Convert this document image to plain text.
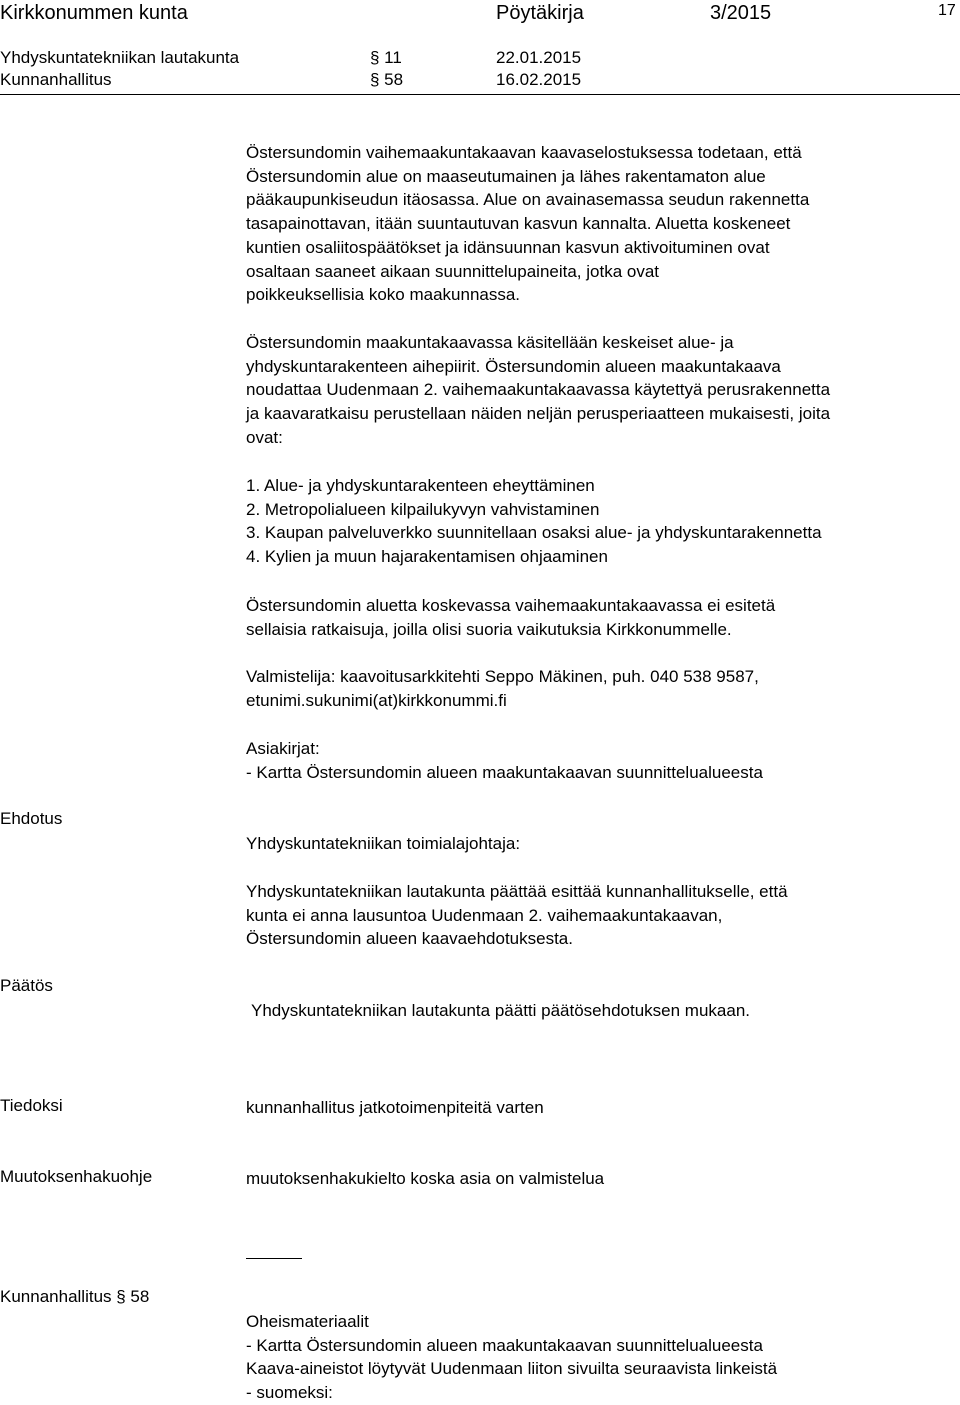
Kirkkonummen kunta	Pöytäkirja	3/2015	17
Yhdyskuntatekniikan lautakunta	§ 11	22.01.2015
Kunnanhallitus	§ 58	16.02.2015
Östersundomin vaihemaakuntakaavan kaavaselostuksessa todetaan, että
Östersundomin alue on maaseutumainen ja lähes rakentamaton alue
pääkaupunkiseudun itäosassa. Alue on avainasemassa seudun rakennetta
tasapainottavan, itään suuntautuvan kasvun kannalta. Aluetta koskeneet
kuntien osaliitospäätökset ja idänsuunnan kasvun aktivoituminen ovat
osaltaan saaneet aikaan suunnittelupaineita, jotka ovat
poikkeuksellisia koko maakunnassa.
Östersundomin maakuntakaavassa käsitellään keskeiset alue- ja
yhdyskuntarakenteen aihepiirit. Östersundomin alueen maakuntakaava
noudattaa Uudenmaan 2. vaihemaakuntakaavassa käytettyä perusrakennetta
ja kaavaratkaisu perustellaan näiden neljän perusperiaatteen mukaisesti, joita
ovat:
1. Alue- ja yhdyskuntarakenteen eheyttäminen
2. Metropolialueen kilpailukyvyn vahvistaminen
3. Kaupan palveluverkko suunnitellaan osaksi alue- ja yhdyskuntarakennetta
4. Kylien ja muun hajarakentamisen ohjaaminen
Östersundomin aluetta koskevassa vaihemaakuntakaavassa ei esitetä
sellaisia ratkaisuja, joilla olisi suoria vaikutuksia Kirkkonummelle.
Valmistelija: kaavoitusarkkitehti Seppo Mäkinen, puh. 040 538 9587,
etunimi.sukunimi(at)kirkkonummi.fi
Asiakirjat:
- Kartta Östersundomin alueen maakuntakaavan suunnittelualueesta
Ehdotus
Yhdyskuntatekniikan toimialajohtaja:
Yhdyskuntatekniikan lautakunta päättää esittää kunnanhallitukselle, että
kunta ei anna lausuntoa Uudenmaan 2. vaihemaakuntakaavan,
Östersundomin alueen kaavaehdotuksesta.
Päätös
Yhdyskuntatekniikan lautakunta päätti päätösehdotuksen mukaan.
Tiedoksi	kunnanhallitus jatkotoimenpiteitä varten
Muutoksenhakuohje	muutoksenhakukielto koska asia on valmistelua
Kunnanhallitus § 58
Oheismateriaalit
- Kartta Östersundomin alueen maakuntakaavan suunnittelualueesta
Kaava-aineistot löytyvät Uudenmaan liiton sivuilta seuraavista linkeistä
- suomeksi:
